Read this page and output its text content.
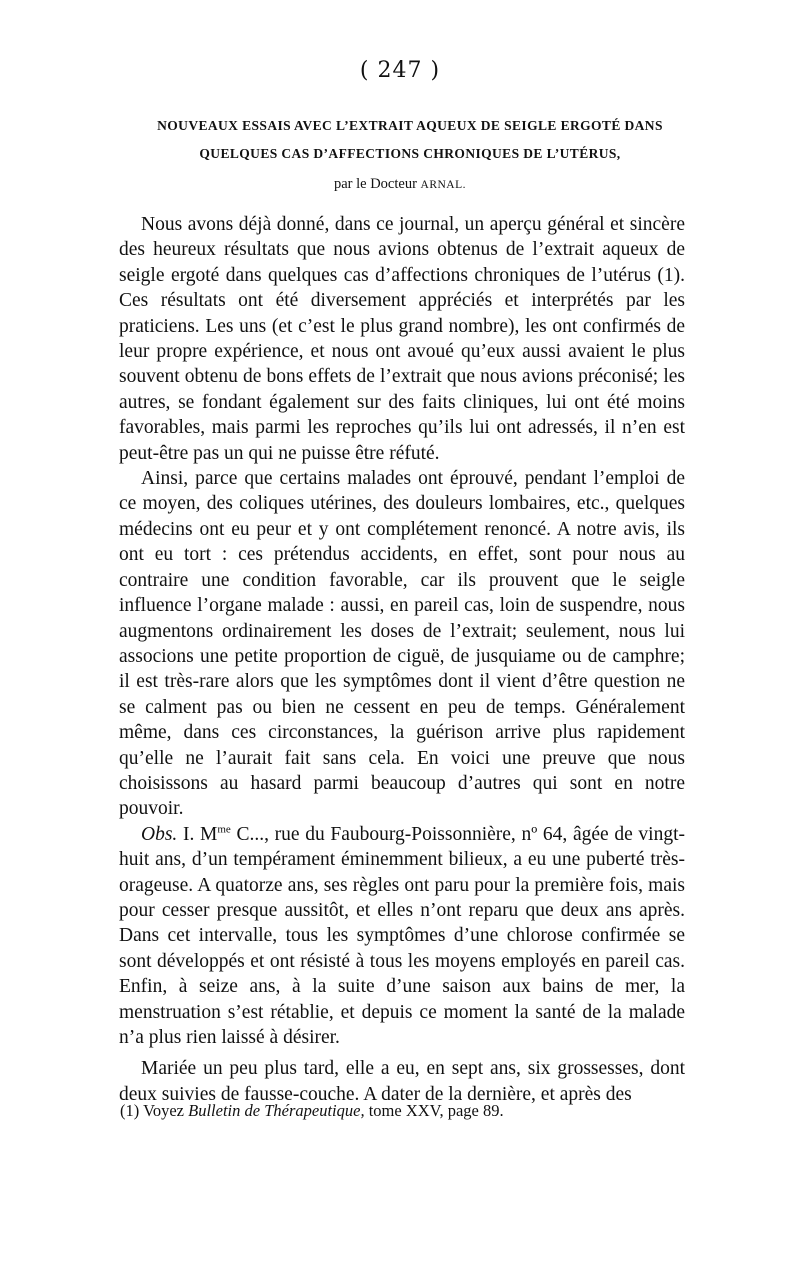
( 247 )
NOUVEAUX ESSAIS AVEC L’EXTRAIT AQUEUX DE SEIGLE ERGOTÉ DANS
QUELQUES CAS D’AFFECTIONS CHRONIQUES DE L’UTÉRUS,
par le Docteur ARNAL.

Nous avons déjà donné, dans ce journal, un aperçu général et sincère des heureux résultats que nous avions obtenus de l’extrait aqueux de seigle ergoté dans quelques cas d’affections chroniques de l’utérus (1). Ces résultats ont été diversement appréciés et interprétés par les praticiens. Les uns (et c’est le plus grand nombre), les ont confirmés de leur propre expérience, et nous ont avoué qu’eux aussi avaient le plus souvent obtenu de bons effets de l’extrait que nous avions préconisé; les autres, se fondant également sur des faits cliniques, lui ont été moins favorables, mais parmi les reproches qu’ils lui ont adressés, il n’en est peut-être pas un qui ne puisse être réfuté.

Ainsi, parce que certains malades ont éprouvé, pendant l’emploi de ce moyen, des coliques utérines, des douleurs lombaires, etc., quelques médecins ont eu peur et y ont complétement renoncé. A notre avis, ils ont eu tort : ces prétendus accidents, en effet, sont pour nous au contraire une condition favorable, car ils prouvent que le seigle influence l’organe malade : aussi, en pareil cas, loin de suspendre, nous augmentons ordinairement les doses de l’extrait; seulement, nous lui associons une petite proportion de ciguë, de jusquiame ou de camphre; il est très-rare alors que les symptômes dont il vient d’être question ne se calment pas ou bien ne cessent en peu de temps. Généralement même, dans ces circonstances, la guérison arrive plus rapidement qu’elle ne l’aurait fait sans cela. En voici une preuve que nous choisissons au hasard parmi beaucoup d’autres qui sont en notre pouvoir.

Obs. I. $M^{me}$ C..., rue du Faubourg-Poissonnière, nº 64, âgée de vingt-huit ans, d’un tempérament éminemment bilieux, a eu une puberté très-orageuse. A quatorze ans, ses règles ont paru pour la première fois, mais pour cesser presque aussitôt, et elles n’ont reparu que deux ans après. Dans cet intervalle, tous les symptômes d’une chlorose confirmée se sont développés et ont résisté à tous les moyens employés en pareil cas. Enfin, à seize ans, à la suite d’une saison aux bains de mer, la menstruation s’est rétablie, et depuis ce moment la santé de la malade n’a plus rien laissé à désirer.

Mariée un peu plus tard, elle a eu, en sept ans, six grossesses, dont deux suivies de fausse-couche. A dater de la dernière, et après des

(1) Voyez Bulletin de Thérapeutique, tome XXV, page 89.
